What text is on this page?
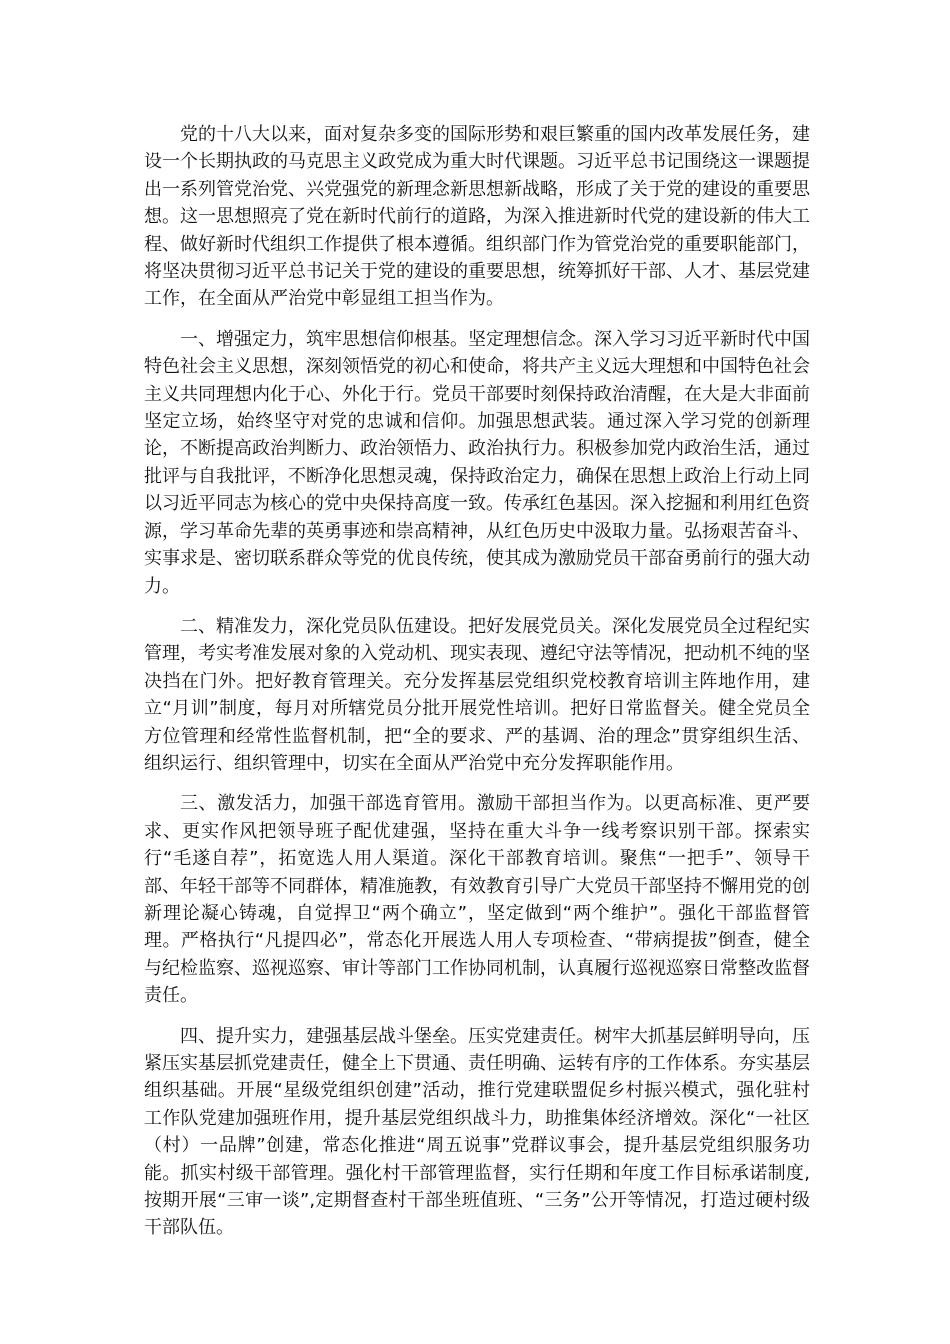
党的十八大以来，面对复杂多变的国际形势和艰巨繁重的国内改革发展任务，建设一个长期执政的马克思主义政党成为重大时代课题。习近平总书记围绕这一课题提出一系列管党治党、兴党强党的新理念新思想新战略，形成了关于党的建设的重要思想。这一思想照亮了党在新时代前行的道路，为深入推进新时代党的建设新的伟大工程、做好新时代组织工作提供了根本遵循。组织部门作为管党治党的重要职能部门，将坚决贯彻习近平总书记关于党的建设的重要思想，统筹抓好干部、人才、基层党建工作，在全面从严治党中彰显组工担当作为。

一、增强定力，筑牢思想信仰根基。坚定理想信念。深入学习习近平新时代中国特色社会主义思想，深刻领悟党的初心和使命，将共产主义远大理想和中国特色社会主义共同理想内化于心、外化于行。党员干部要时刻保持政治清醒，在大是大非面前坚定立场，始终坚守对党的忠诚和信仰。加强思想武装。通过深入学习党的创新理论，不断提高政治判断力、政治领悟力、政治执行力。积极参加党内政治生活，通过批评与自我批评，不断净化思想灵魂，保持政治定力，确保在思想上政治上行动上同以习近平同志为核心的党中央保持高度一致。传承红色基因。深入挖掘和利用红色资源，学习革命先辈的英勇事迹和崇高精神，从红色历史中汲取力量。弘扬艰苦奋斗、实事求是、密切联系群众等党的优良传统，使其成为激励党员干部奋勇前行的强大动力。

二、精准发力，深化党员队伍建设。把好发展党员关。深化发展党员全过程纪实管理，考实考准发展对象的入党动机、现实表现、遵纪守法等情况，把动机不纯的坚决挡在门外。把好教育管理关。充分发挥基层党组织党校教育培训主阵地作用，建立“月训”制度，每月对所辖党员分批开展党性培训。把好日常监督关。健全党员全方位管理和经常性监督机制，把“全的要求、严的基调、治的理念”贯穿组织生活、组织运行、组织管理中，切实在全面从严治党中充分发挥职能作用。

三、激发活力，加强干部选育管用。激励干部担当作为。以更高标准、更严要求、更实作风把领导班子配优建强，坚持在重大斗争一线考察识别干部。探索实行“毛遂自荐”，拓宽选人用人渠道。深化干部教育培训。聚焦“一把手”、领导干部、年轻干部等不同群体，精准施教，有效教育引导广大党员干部坚持不懈用党的创新理论凝心铸魂，自觉捍卫“两个确立”，坚定做到“两个维护”。强化干部监督管理。严格执行“凡提四必”，常态化开展选人用人专项检查、“带病提拔”倒查，健全与纪检监察、巡视巡察、审计等部门工作协同机制，认真履行巡视巡察日常整改监督责任。

四、提升实力，建强基层战斗堡垒。压实党建责任。树牢大抓基层鲜明导向，压紧压实基层抓党建责任，健全上下贯通、责任明确、运转有序的工作体系。夯实基层组织基础。开展“星级党组织创建”活动，推行党建联盟促乡村振兴模式，强化驻村工作队党建加强班作用，提升基层党组织战斗力，助推集体经济增效。深化“一社区（村）一品牌”创建，常态化推进“周五说事”党群议事会，提升基层党组织服务功能。抓实村级干部管理。强化村干部管理监督，实行任期和年度工作目标承诺制度,按期开展“三审一谈”,定期督查村干部坐班值班、“三务”公开等情况，打造过硬村级干部队伍。
